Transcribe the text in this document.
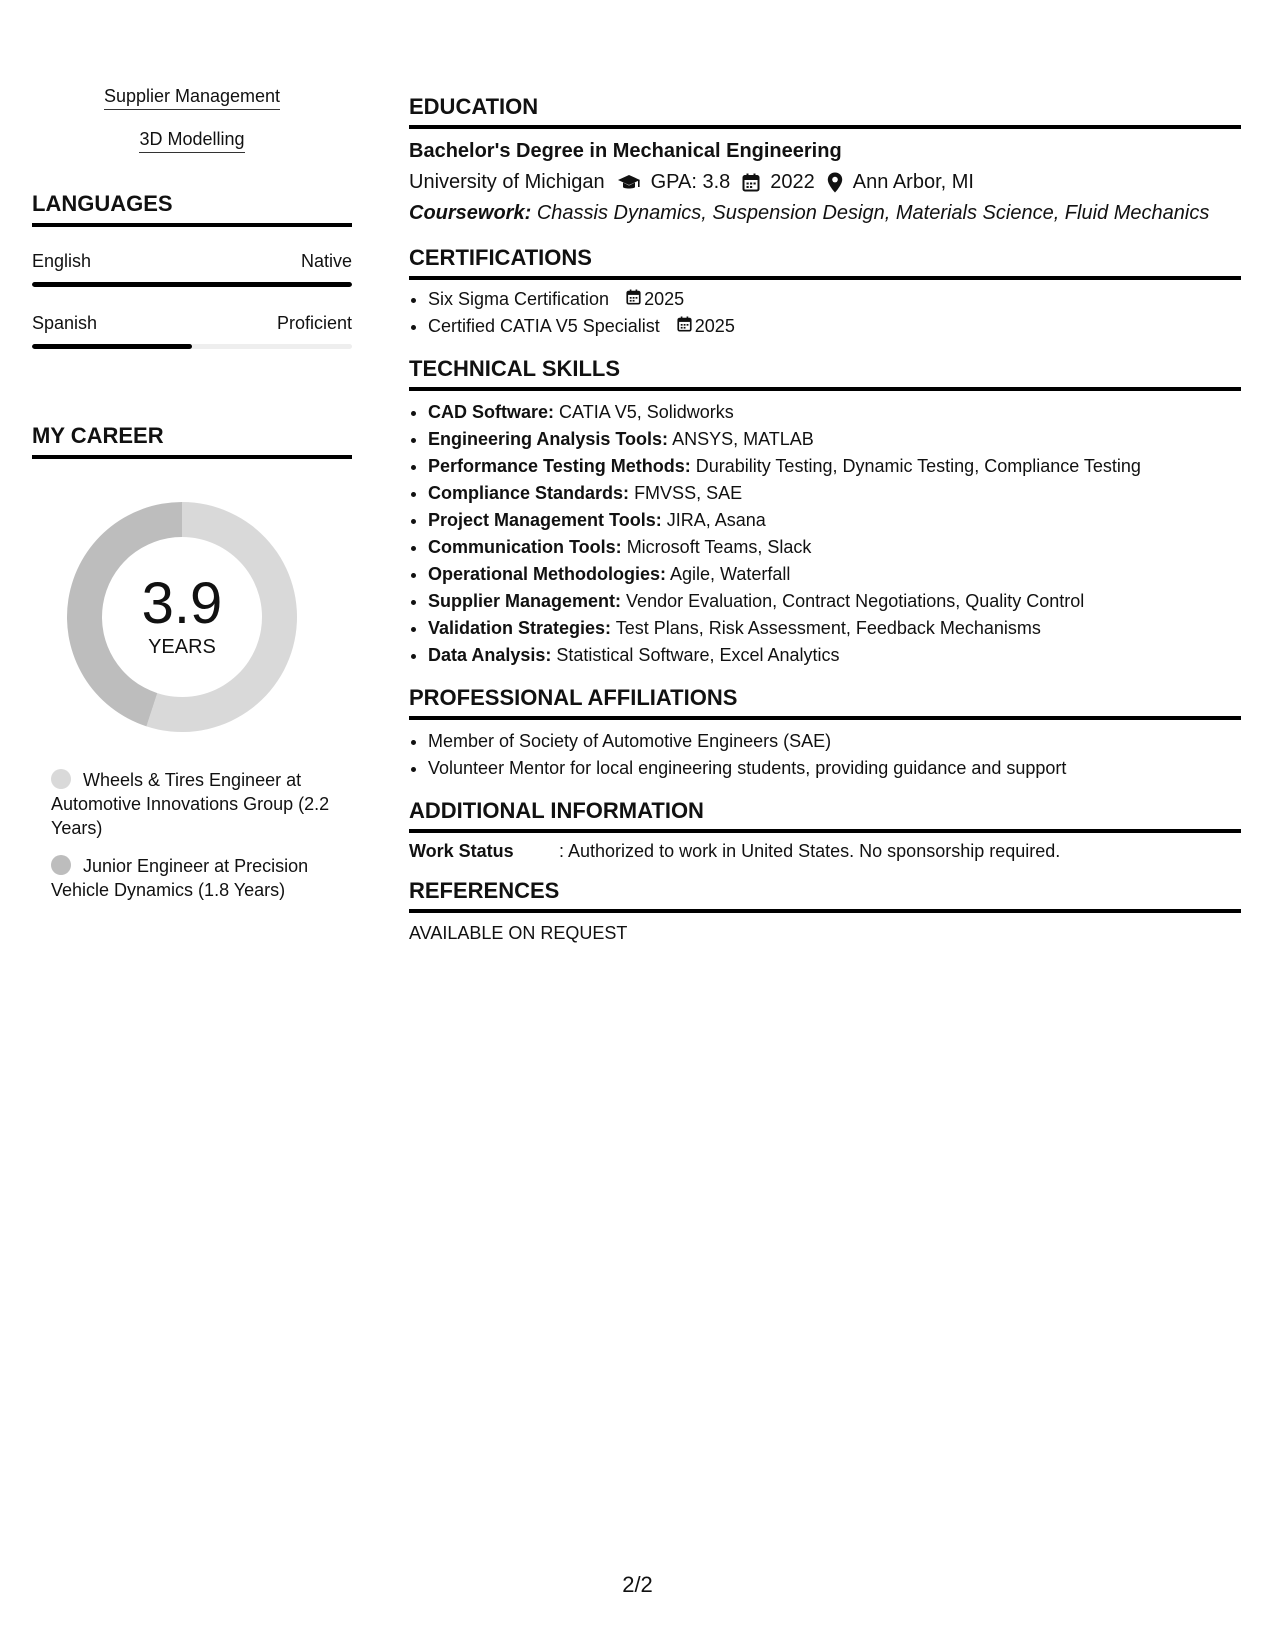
Supplier Management
3D Modelling
LANGUAGES
English	Native
Spanish	Proficient
MY CAREER
3.9
YEARS
Wheels & Tires Engineer at Automotive Innovations Group (2.2 Years)
Junior Engineer at Precision Vehicle Dynamics (1.8 Years)
EDUCATION
Bachelor's Degree in Mechanical Engineering
University of Michigan GPA: 3.8 2022 Ann Arbor, MI
Coursework: Chassis Dynamics, Suspension Design, Materials Science, Fluid Mechanics
CERTIFICATIONS
• Six Sigma Certification 2025
• Certified CATIA V5 Specialist 2025
TECHNICAL SKILLS
• CAD Software: CATIA V5, Solidworks
• Engineering Analysis Tools: ANSYS, MATLAB
• Performance Testing Methods: Durability Testing, Dynamic Testing, Compliance Testing
• Compliance Standards: FMVSS, SAE
• Project Management Tools: JIRA, Asana
• Communication Tools: Microsoft Teams, Slack
• Operational Methodologies: Agile, Waterfall
• Supplier Management: Vendor Evaluation, Contract Negotiations, Quality Control
• Validation Strategies: Test Plans, Risk Assessment, Feedback Mechanisms
• Data Analysis: Statistical Software, Excel Analytics
PROFESSIONAL AFFILIATIONS
• Member of Society of Automotive Engineers (SAE)
• Volunteer Mentor for local engineering students, providing guidance and support
ADDITIONAL INFORMATION
Work Status	: Authorized to work in United States. No sponsorship required.
REFERENCES
AVAILABLE ON REQUEST
2/2
